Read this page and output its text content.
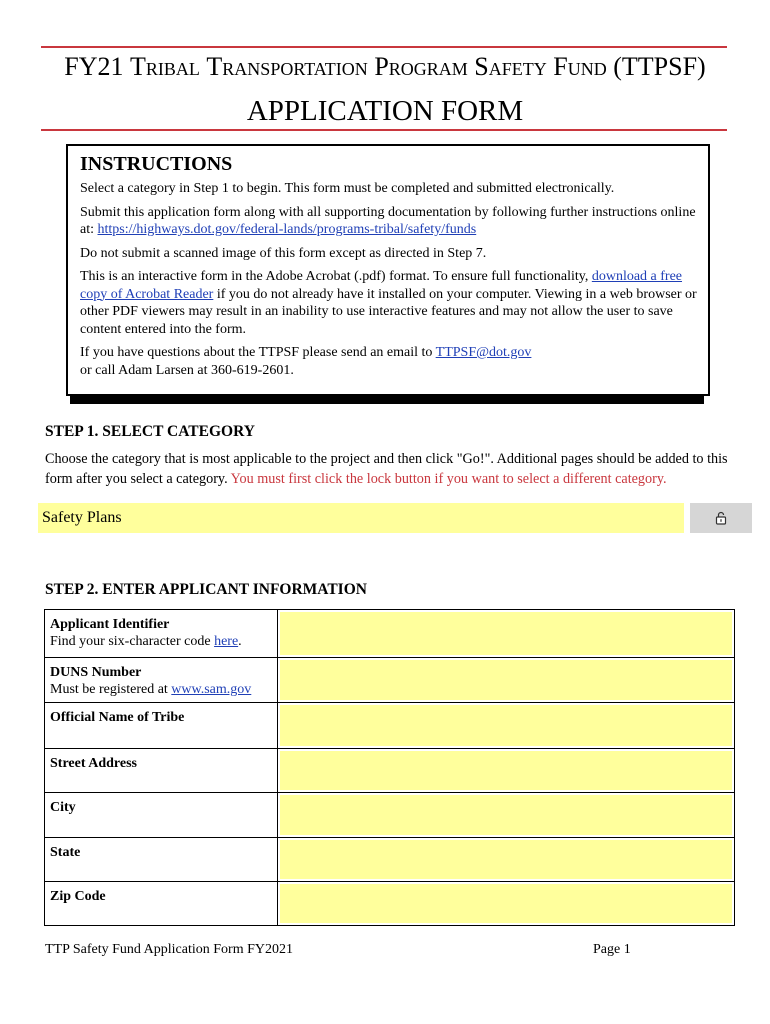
FY21 Tribal Transportation Program Safety Fund (TTPSF)
APPLICATION FORM
INSTRUCTIONS

Select a category in Step 1 to begin. This form must be completed and submitted electronically.

Submit this application form along with all supporting documentation by following further instructions online at: https://highways.dot.gov/federal-lands/programs-tribal/safety/funds

Do not submit a scanned image of this form except as directed in Step 7.

This is an interactive form in the Adobe Acrobat (.pdf) format. To ensure full functionality, download a free copy of Acrobat Reader if you do not already have it installed on your computer. Viewing in a web browser or other PDF viewers may result in an inability to use interactive features and may not allow the user to save content entered into the form.

If you have questions about the TTPSF please send an email to TTPSF@dot.gov
or call Adam Larsen at 360-619-2601.

STEP 1. SELECT CATEGORY
Choose the category that is most applicable to the project and then click "Go!". Additional pages should be added to this form after you select a category. You must first click the lock button if you want to select a different category.
Safety Plans
STEP 2. ENTER APPLICANT INFORMATION
Applicant Identifier
Find your six-character code here.
DUNS Number
Must be registered at www.sam.gov
Official Name of Tribe
Street Address
City
State
Zip Code
TTP Safety Fund Application Form FY2021	Page 1
